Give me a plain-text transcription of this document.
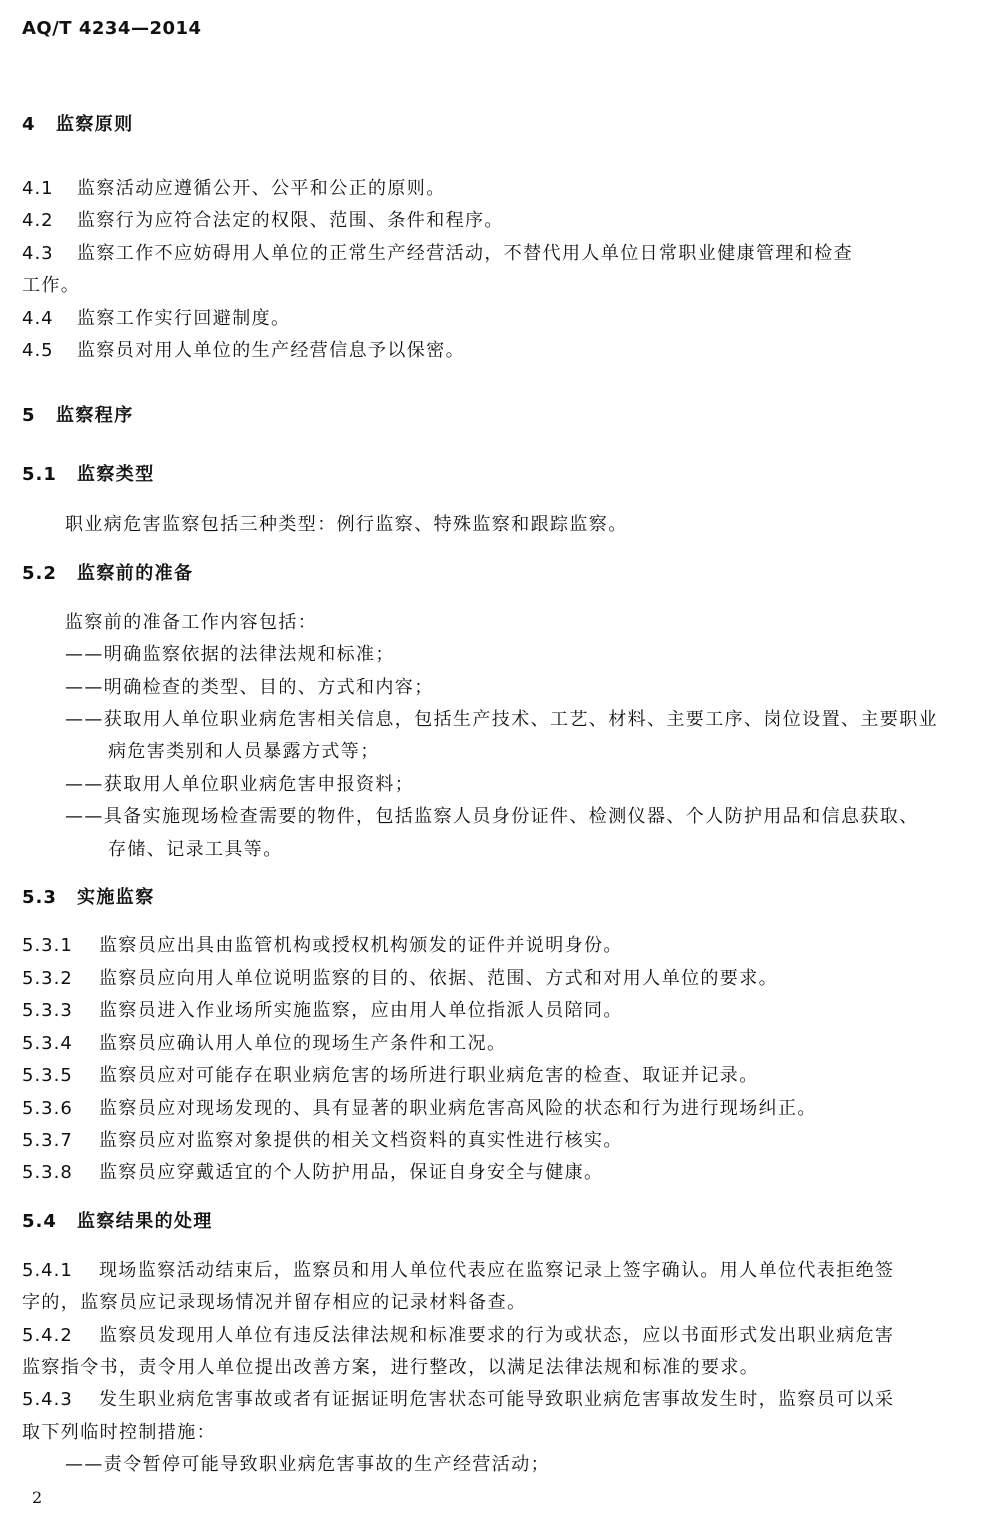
AQ/T 4234—2014
4 监察原则
4.1 监察活动应遵循公开、公平和公正的原则。
4.2 监察行为应符合法定的权限、范围、条件和程序。
4.3 监察工作不应妨碍用人单位的正常生产经营活动，不替代用人单位日常职业健康管理和检查
工作。
4.4 监察工作实行回避制度。
4.5 监察员对用人单位的生产经营信息予以保密。
5 监察程序
5.1 监察类型
职业病危害监察包括三种类型：例行监察、特殊监察和跟踪监察。
5.2 监察前的准备
监察前的准备工作内容包括：
——明确监察依据的法律法规和标准；
——明确检查的类型、目的、方式和内容；
——获取用人单位职业病危害相关信息，包括生产技术、工艺、材料、主要工序、岗位设置、主要职业
病危害类别和人员暴露方式等；
——获取用人单位职业病危害申报资料；
——具备实施现场检查需要的物件，包括监察人员身份证件、检测仪器、个人防护用品和信息获取、
存储、记录工具等。
5.3 实施监察
5.3.1 监察员应出具由监管机构或授权机构颁发的证件并说明身份。
5.3.2 监察员应向用人单位说明监察的目的、依据、范围、方式和对用人单位的要求。
5.3.3 监察员进入作业场所实施监察，应由用人单位指派人员陪同。
5.3.4 监察员应确认用人单位的现场生产条件和工况。
5.3.5 监察员应对可能存在职业病危害的场所进行职业病危害的检查、取证并记录。
5.3.6 监察员应对现场发现的、具有显著的职业病危害高风险的状态和行为进行现场纠正。
5.3.7 监察员应对监察对象提供的相关文档资料的真实性进行核实。
5.3.8 监察员应穿戴适宜的个人防护用品，保证自身安全与健康。
5.4 监察结果的处理
5.4.1 现场监察活动结束后，监察员和用人单位代表应在监察记录上签字确认。用人单位代表拒绝签
字的，监察员应记录现场情况并留存相应的记录材料备查。
5.4.2 监察员发现用人单位有违反法律法规和标准要求的行为或状态，应以书面形式发出职业病危害
监察指令书，责令用人单位提出改善方案，进行整改，以满足法律法规和标准的要求。
5.4.3 发生职业病危害事故或者有证据证明危害状态可能导致职业病危害事故发生时，监察员可以采
取下列临时控制措施：
——责令暂停可能导致职业病危害事故的生产经营活动；
2
